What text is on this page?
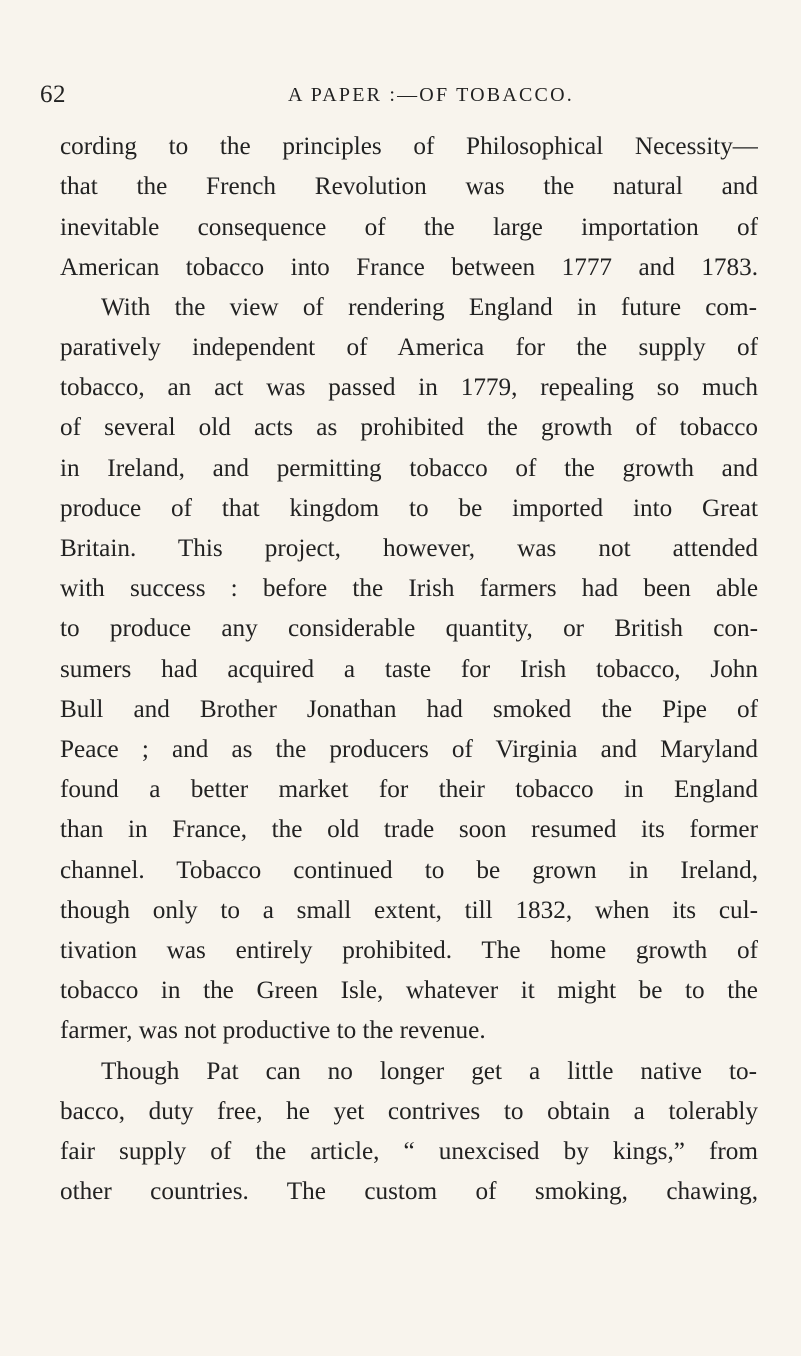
62	A PAPER :—OF TOBACCO.
cording to the principles of Philosophical Necessity—
that the French Revolution was the natural and
inevitable consequence of the large importation of
American tobacco into France between 1777 and 1783.
With the view of rendering England in future com-
paratively independent of America for the supply of
tobacco, an act was passed in 1779, repealing so much
of several old acts as prohibited the growth of tobacco
in Ireland, and permitting tobacco of the growth and
produce of that kingdom to be imported into Great
Britain. This project, however, was not attended
with success : before the Irish farmers had been able
to produce any considerable quantity, or British con-
sumers had acquired a taste for Irish tobacco, John
Bull and Brother Jonathan had smoked the Pipe of
Peace ; and as the producers of Virginia and Maryland
found a better market for their tobacco in England
than in France, the old trade soon resumed its former
channel. Tobacco continued to be grown in Ireland,
though only to a small extent, till 1832, when its cul-
tivation was entirely prohibited. The home growth of
tobacco in the Green Isle, whatever it might be to the
farmer, was not productive to the revenue.
Though Pat can no longer get a little native to-
bacco, duty free, he yet contrives to obtain a tolerably
fair supply of the article, “ unexcised by kings,” from
other countries. The custom of smoking, chawing,
